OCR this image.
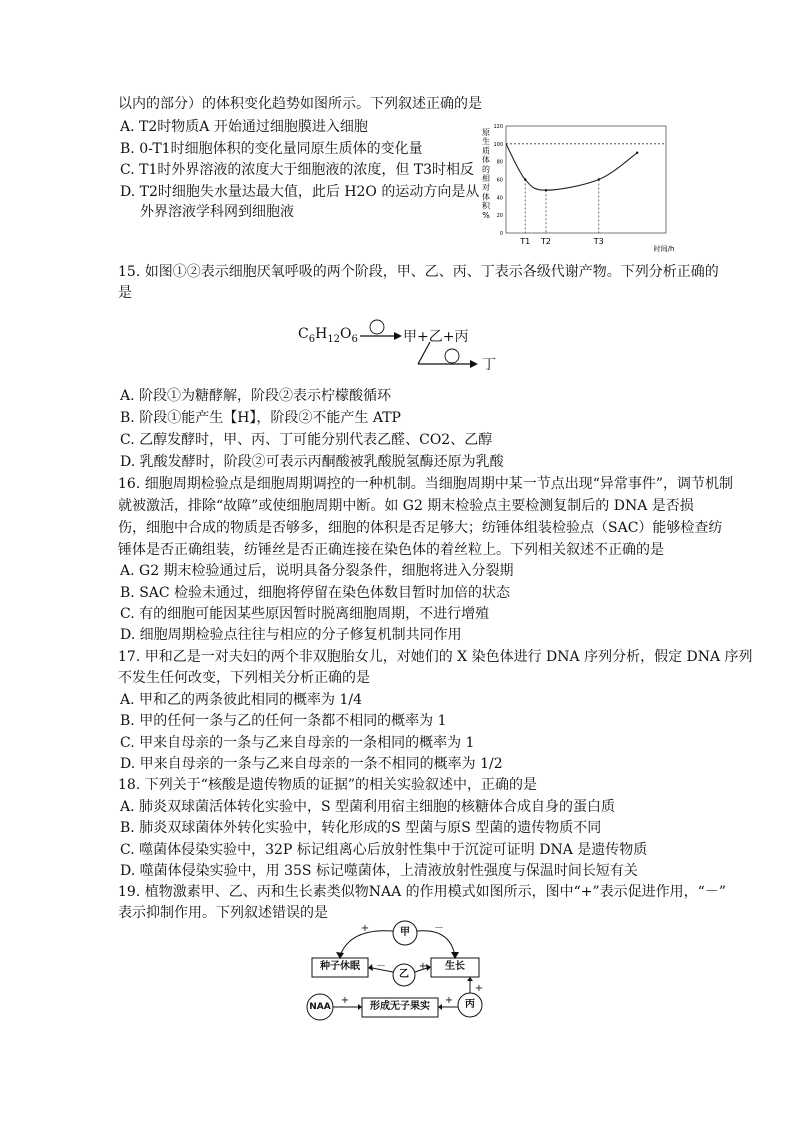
以内的部分）的体积变化趋势如图所示。下列叙述正确的是
A. T2时物质A 开始通过细胞膜进入细胞
B. 0-T1时细胞体积的变化量同原生质体的变化量
C. T1时外界溶液的浓度大于细胞液的浓度，但 T3时相反
D. T2时细胞失水量达最大值，此后 H2O 的运动方向是从
外界溶液学科网到细胞液
原
生
质
体
的
相
对
体
积
%
120
100
80
60
40
20
0
T1 T2	T3
时间/h
15. 如图①②表示细胞厌氧呼吸的两个阶段，甲、乙、丙、丁表示各级代谢产物。下列分析正确的
是
$C_6H_{12}O_6$	甲+乙+丙
丁
A. 阶段①为糖酵解，阶段②表示柠檬酸循环
B. 阶段①能产生【H】，阶段②不能产生 ATP
C. 乙醇发酵时，甲、丙、丁可能分别代表乙醛、CO2、乙醇
D. 乳酸发酵时，阶段②可表示丙酮酸被乳酸脱氢酶还原为乳酸
16. 细胞周期检验点是细胞周期调控的一种机制。当细胞周期中某一节点出现“异常事件”，调节机制
就被激活，排除“故障”或使细胞周期中断。如 G2 期末检验点主要检测复制后的 DNA 是否损
伤，细胞中合成的物质是否够多，细胞的体积是否足够大；纺锤体组装检验点（SAC）能够检查纺
锤体是否正确组装，纺锤丝是否正确连接在染色体的着丝粒上。下列相关叙述不正确的是
A. G2 期末检验通过后，说明具备分裂条件，细胞将进入分裂期
B. SAC 检验未通过，细胞将停留在染色体数目暂时加倍的状态
C. 有的细胞可能因某些原因暂时脱离细胞周期，不进行增殖
D. 细胞周期检验点往往与相应的分子修复机制共同作用
17. 甲和乙是一对夫妇的两个非双胞胎女儿，对她们的 X 染色体进行 DNA 序列分析，假定 DNA 序列
不发生任何改变，下列相关分析正确的是
A. 甲和乙的两条彼此相同的概率为 1/4
B. 甲的任何一条与乙的任何一条都不相同的概率为 1
C. 甲来自母亲的一条与乙来自母亲的一条相同的概率为 1
D. 甲来自母亲的一条与乙来自母亲的一条不相同的概率为 1/2
18. 下列关于“核酸是遗传物质的证据”的相关实验叙述中，正确的是
A. 肺炎双球菌活体转化实验中，S 型菌利用宿主细胞的核糖体合成自身的蛋白质
B. 肺炎双球菌体外转化实验中，转化形成的S 型菌与原S 型菌的遗传物质不同
C. 噬菌体侵染实验中，32P 标记组离心后放射性集中于沉淀可证明 DNA 是遗传物质
D. 噬菌体侵染实验中，用 35S 标记噬菌体，上清液放射性强度与保温时间长短有关
19. 植物激素甲、乙、丙和生长素类似物NAA 的作用模式如图所示，图中“+”表示促进作用，“－”
表示抑制作用。下列叙述错误的是
甲
乙
丙
NAA
种子休眠	生长
形成无子果实
+	－
－	+
+	+
+
